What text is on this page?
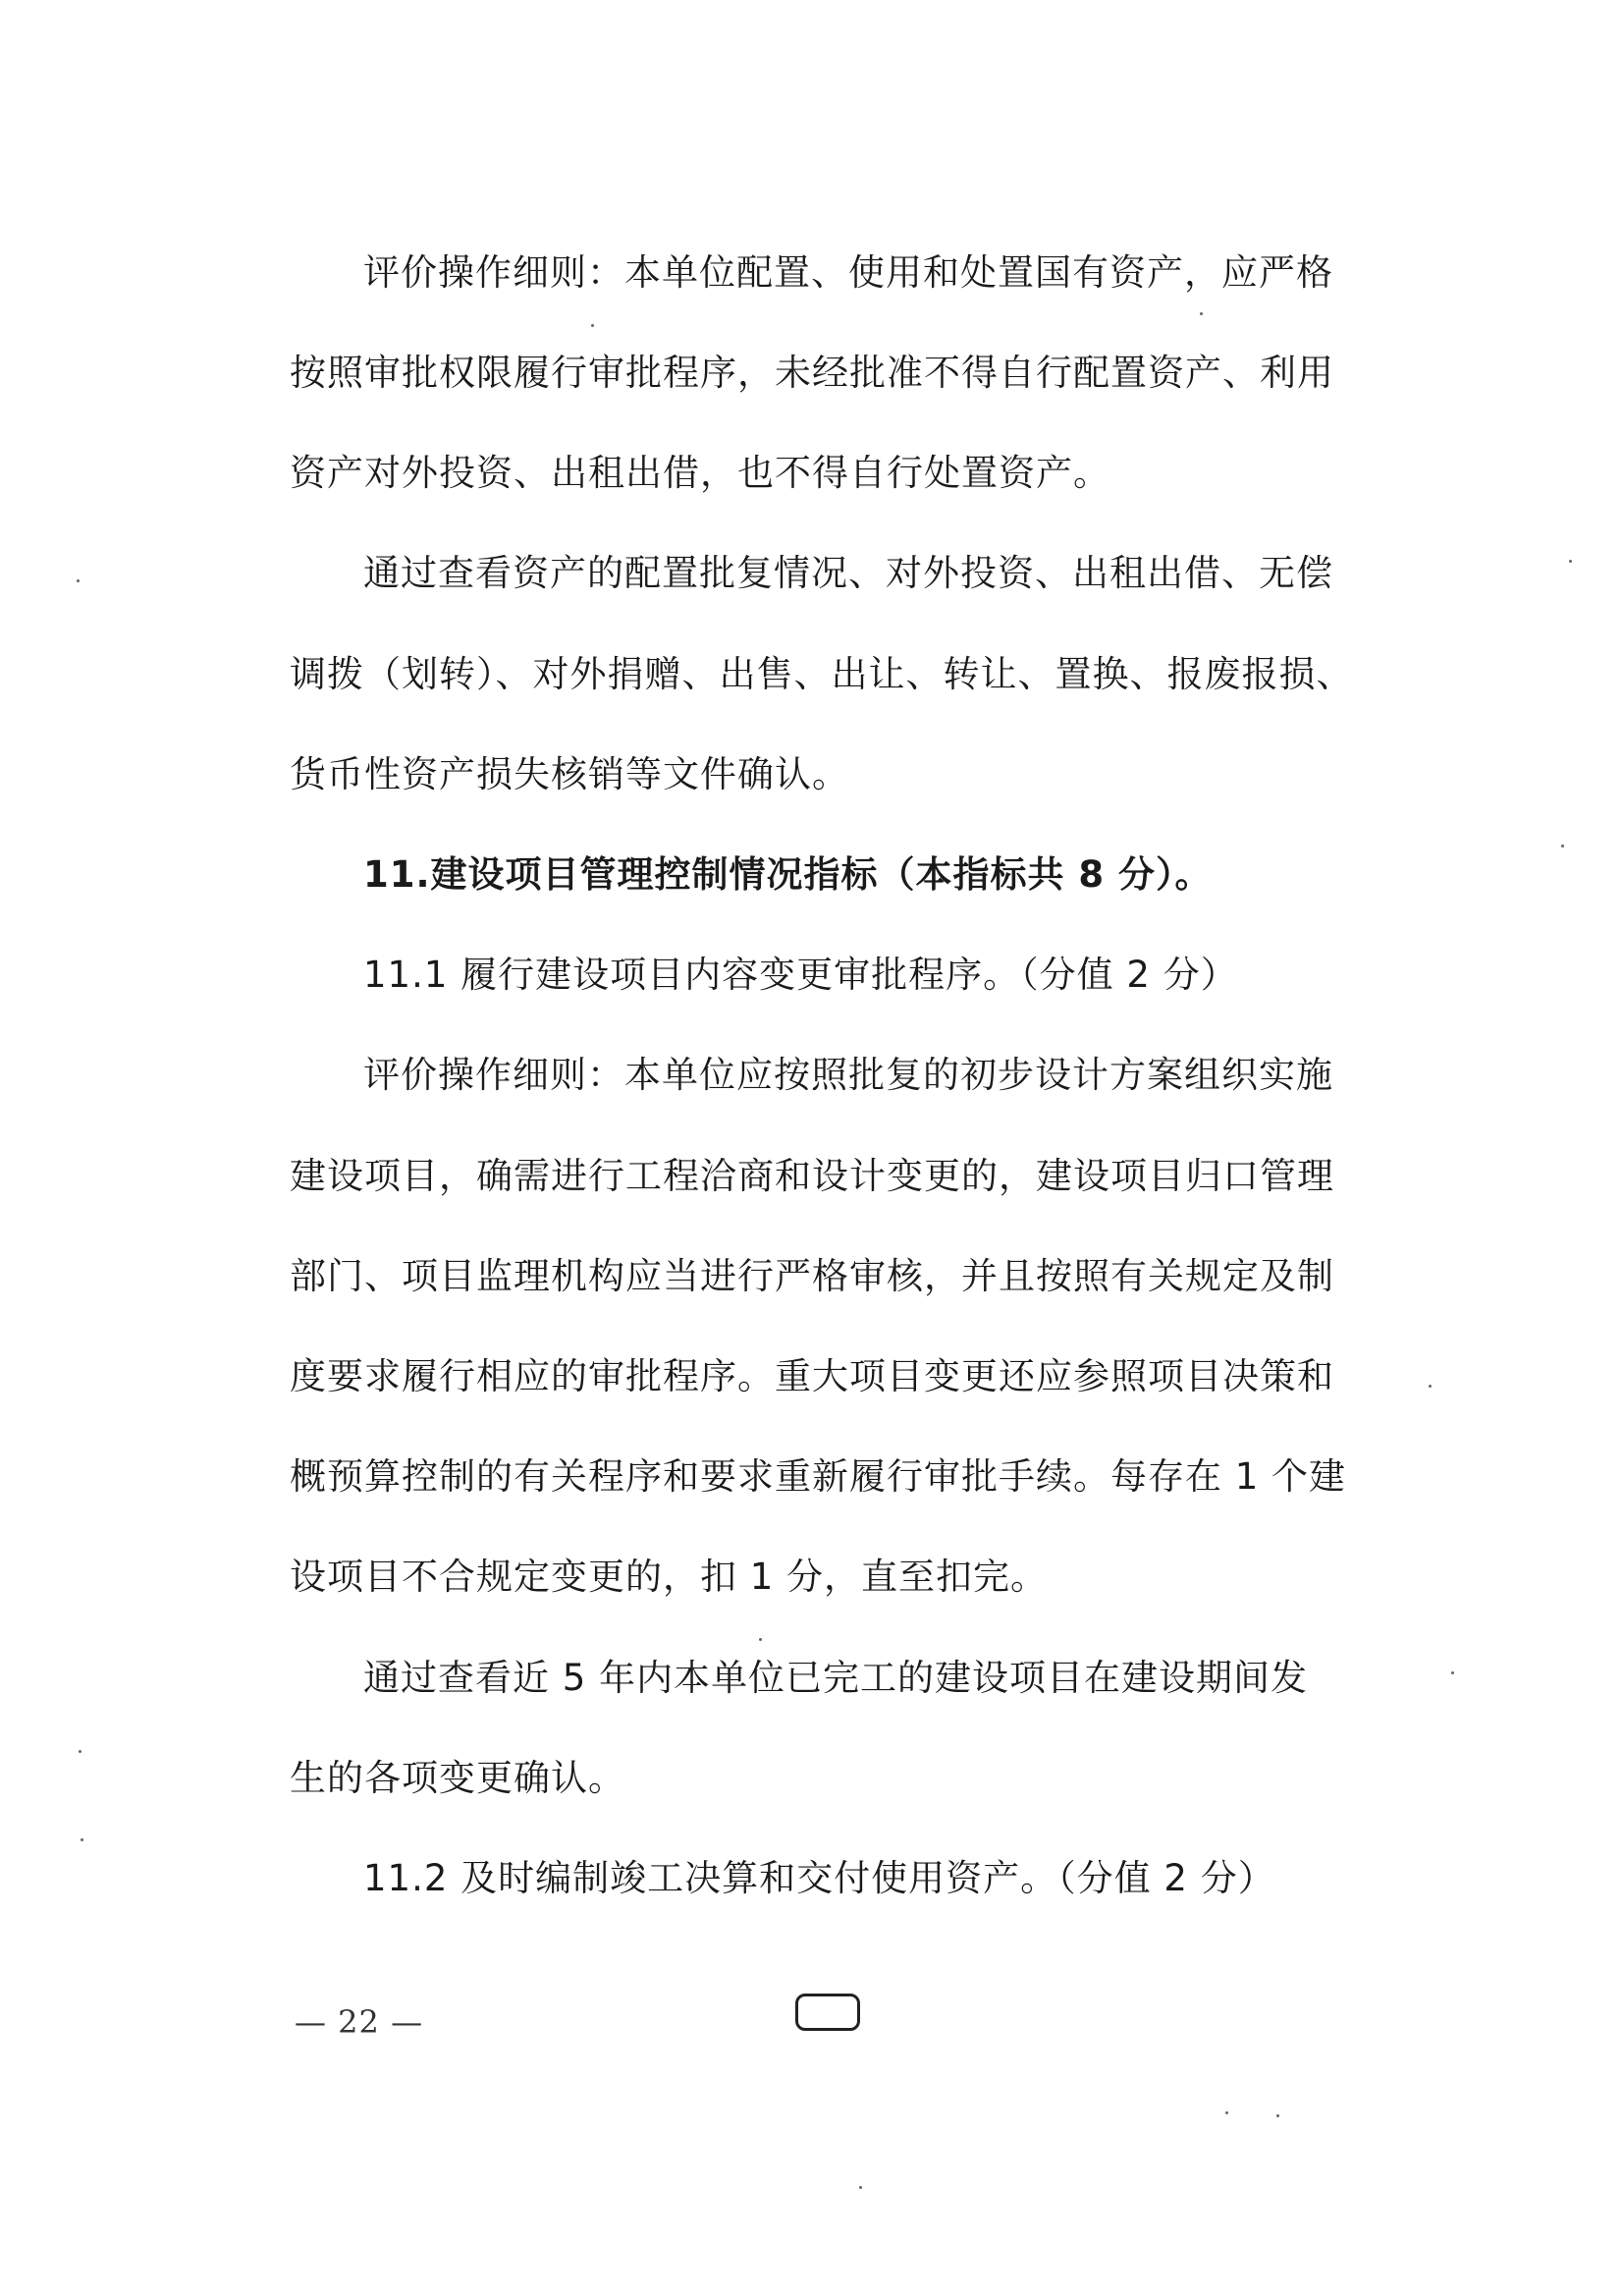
评价操作细则：本单位配置、使用和处置国有资产，应严格
按照审批权限履行审批程序，未经批准不得自行配置资产、利用
资产对外投资、出租出借，也不得自行处置资产。
通过查看资产的配置批复情况、对外投资、出租出借、无偿
调拨（划转）、对外捐赠、出售、出让、转让、置换、报废报损、
货币性资产损失核销等文件确认。
11.建设项目管理控制情况指标（本指标共 8 分）。
11.1 履行建设项目内容变更审批程序。（分值 2 分）
评价操作细则：本单位应按照批复的初步设计方案组织实施
建设项目，确需进行工程洽商和设计变更的，建设项目归口管理
部门、项目监理机构应当进行严格审核，并且按照有关规定及制
度要求履行相应的审批程序。重大项目变更还应参照项目决策和
概预算控制的有关程序和要求重新履行审批手续。每存在 1 个建
设项目不合规定变更的，扣 1 分，直至扣完。
通过查看近 5 年内本单位已完工的建设项目在建设期间发
生的各项变更确认。
11.2 及时编制竣工决算和交付使用资产。（分值 2 分）
— 22 —
